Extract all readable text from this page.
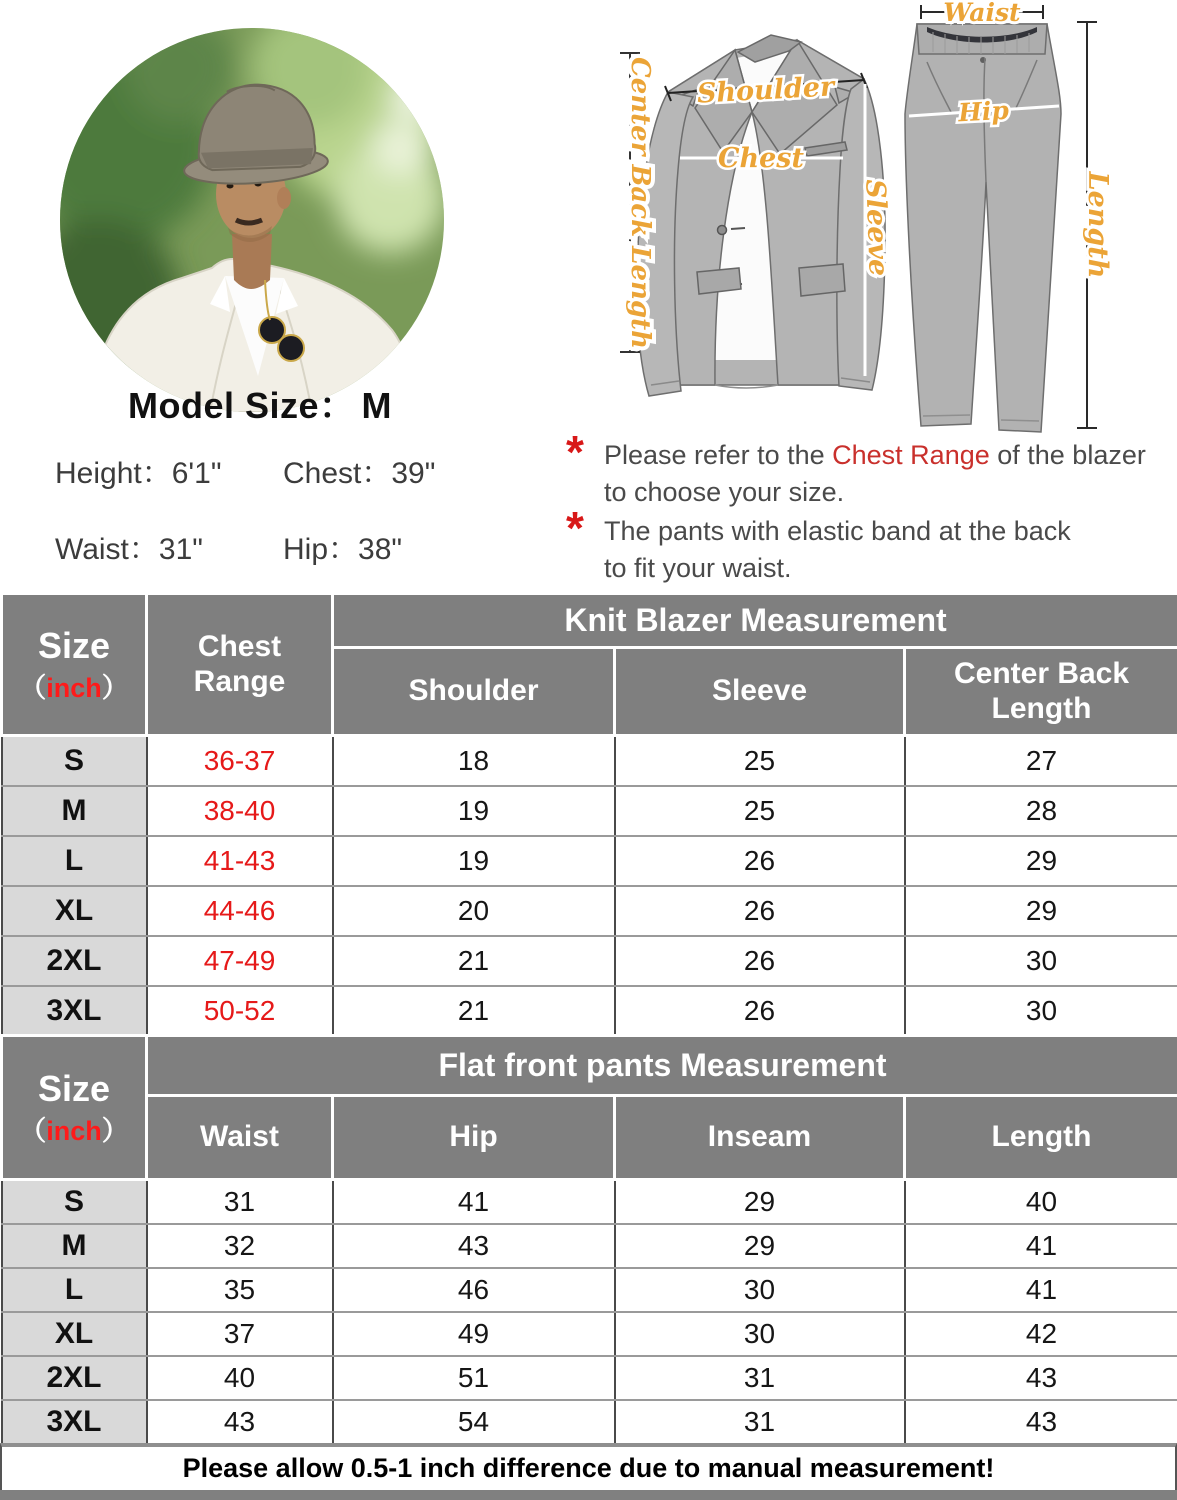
Model Size： M
Height：6'1"	Chest：39"
Waist：31"	Hip：38"
Shoulder
Chest
Sleeve
Center Back Length
Waist
Hip
Length
* Please refer to the Chest Range of the blazer
to choose your size.
* The pants with elastic band at the back
to fit your waist.
Size
（inch）	Chest Range	Knit Blazer Measurement		
		Shoulder	Sleeve	Center Back Length
S	36-37	18	25	27
M	38-40	19	25	28
L	41-43	19	26	29
XL	44-46	20	26	29
2XL	47-49	21	26	30
3XL	50-52	21	26	30
Size
（inch）	Flat front pants Measurement			
	Waist	Hip	Inseam	Length
S	31	41	29	40
M	32	43	29	41
L	35	46	30	41
XL	37	49	30	42
2XL	40	51	31	43
3XL	43	54	31	43
Please allow 0.5-1 inch difference due to manual measurement!
